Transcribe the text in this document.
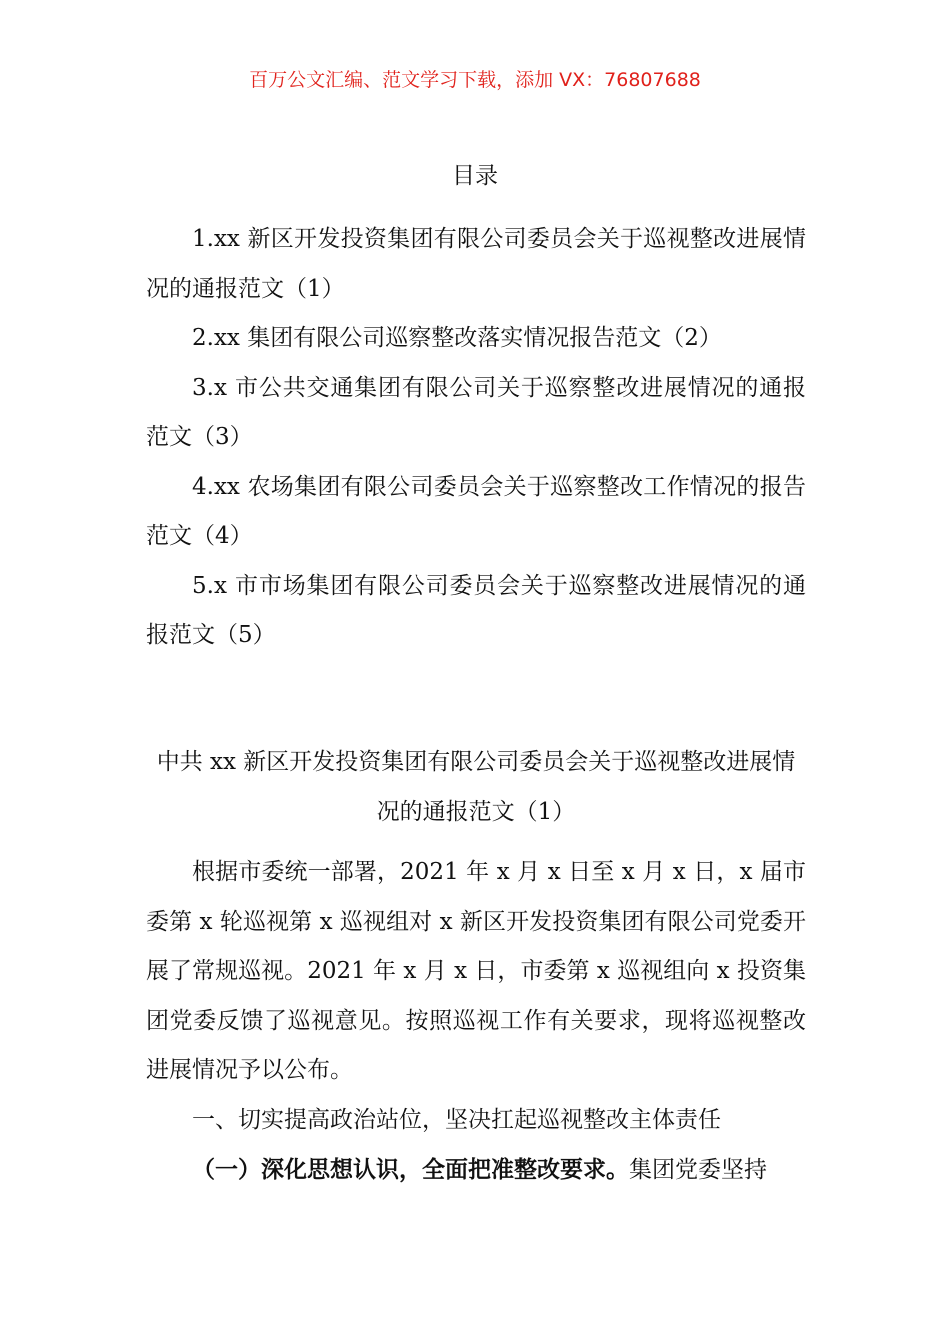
百万公文汇编、范文学习下载，添加 VX：76807688
目录

1.xx 新区开发投资集团有限公司委员会关于巡视整改进展情况的通报范文（1）

2.xx 集团有限公司巡察整改落实情况报告范文（2）

3.x 市公共交通集团有限公司关于巡察整改进展情况的通报范文（3）

4.xx 农场集团有限公司委员会关于巡察整改工作情况的报告范文（4）

5.x 市市场集团有限公司委员会关于巡察整改进展情况的通报范文（5）

中共 xx 新区开发投资集团有限公司委员会关于巡视整改进展情

况的通报范文（1）

根据市委统一部署，2021 年 x 月 x 日至 x 月 x 日，x 届市委第 x 轮巡视第 x 巡视组对 x 新区开发投资集团有限公司党委开展了常规巡视。2021 年 x 月 x 日，市委第 x 巡视组向 x 投资集团党委反馈了巡视意见。按照巡视工作有关要求，现将巡视整改进展情况予以公布。

一、切实提高政治站位，坚决扛起巡视整改主体责任

（一）深化思想认识，全面把准整改要求。集团党委坚持
